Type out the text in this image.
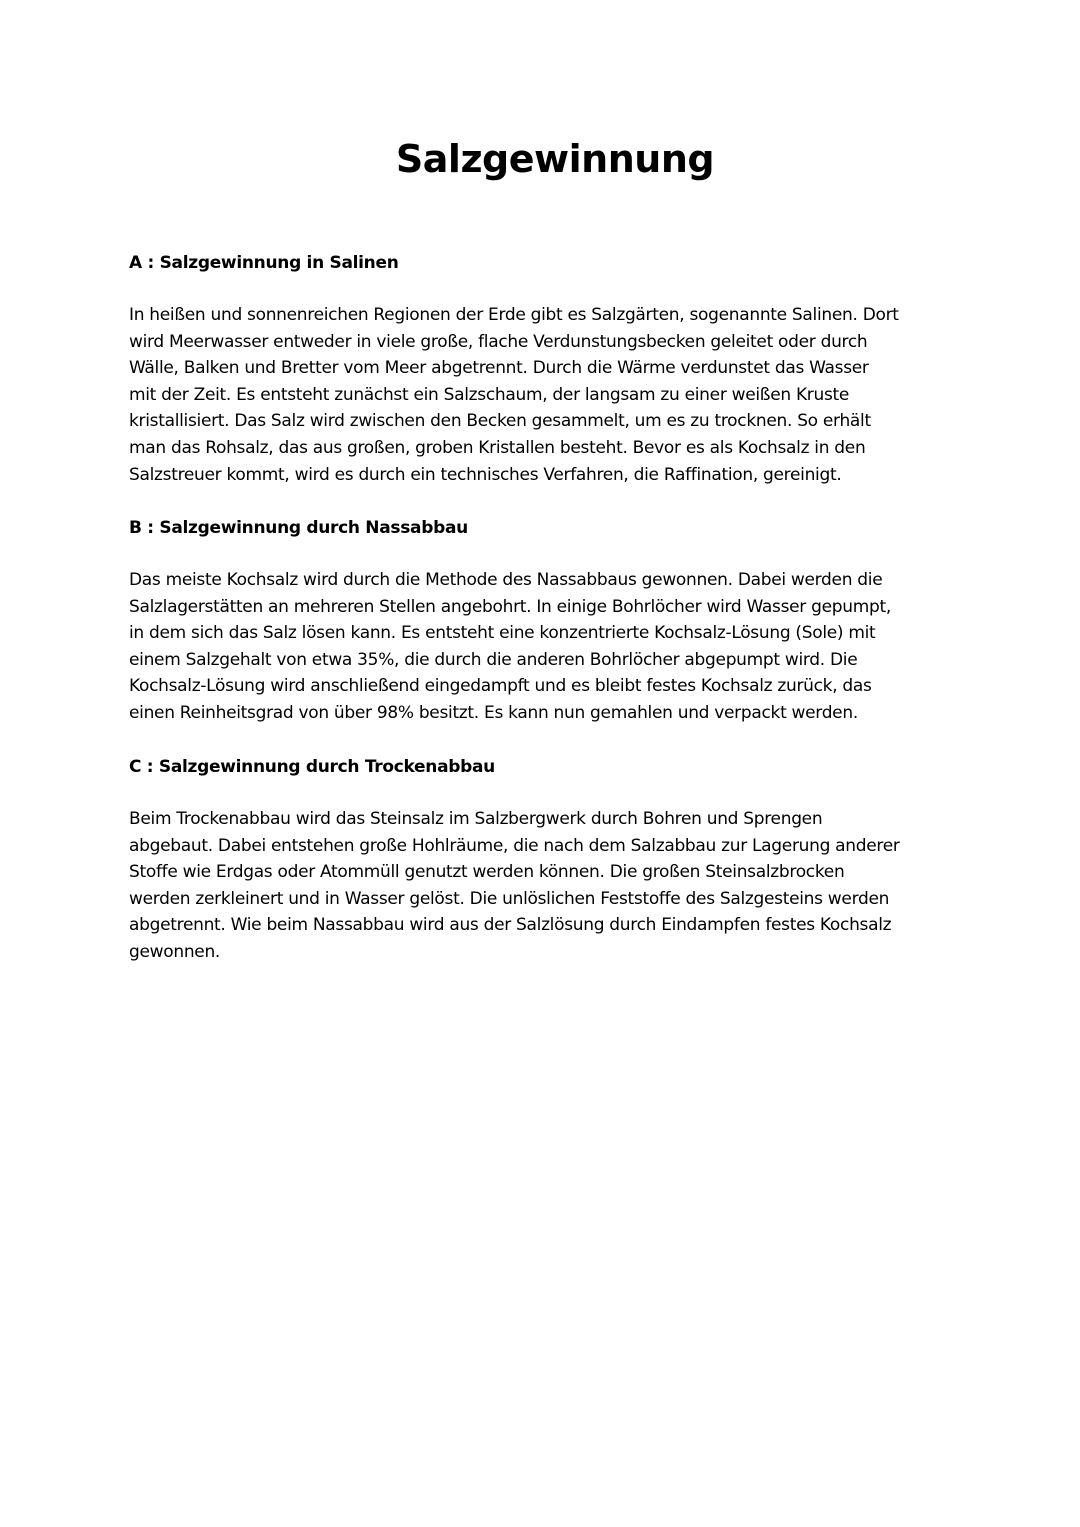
Salzgewinnung
A : Salzgewinnung in Salinen

In heißen und sonnenreichen Regionen der Erde gibt es Salzgärten, sogenannte Salinen. Dort
wird Meerwasser entweder in viele große, flache Verdunstungsbecken geleitet oder durch
Wälle, Balken und Bretter vom Meer abgetrennt. Durch die Wärme verdunstet das Wasser
mit der Zeit. Es entsteht zunächst ein Salzschaum, der langsam zu einer weißen Kruste
kristallisiert. Das Salz wird zwischen den Becken gesammelt, um es zu trocknen. So erhält
man das Rohsalz, das aus großen, groben Kristallen besteht. Bevor es als Kochsalz in den
Salzstreuer kommt, wird es durch ein technisches Verfahren, die Raffination, gereinigt.

B : Salzgewinnung durch Nassabbau

Das meiste Kochsalz wird durch die Methode des Nassabbaus gewonnen. Dabei werden die
Salzlagerstätten an mehreren Stellen angebohrt. In einige Bohrlöcher wird Wasser gepumpt,
in dem sich das Salz lösen kann. Es entsteht eine konzentrierte Kochsalz-Lösung (Sole) mit
einem Salzgehalt von etwa 35%, die durch die anderen Bohrlöcher abgepumpt wird. Die
Kochsalz-Lösung wird anschließend eingedampft und es bleibt festes Kochsalz zurück, das
einen Reinheitsgrad von über 98% besitzt. Es kann nun gemahlen und verpackt werden.

C : Salzgewinnung durch Trockenabbau

Beim Trockenabbau wird das Steinsalz im Salzbergwerk durch Bohren und Sprengen
abgebaut. Dabei entstehen große Hohlräume, die nach dem Salzabbau zur Lagerung anderer
Stoffe wie Erdgas oder Atommüll genutzt werden können. Die großen Steinsalzbrocken
werden zerkleinert und in Wasser gelöst. Die unlöslichen Feststoffe des Salzgesteins werden
abgetrennt. Wie beim Nassabbau wird aus der Salzlösung durch Eindampfen festes Kochsalz
gewonnen.
